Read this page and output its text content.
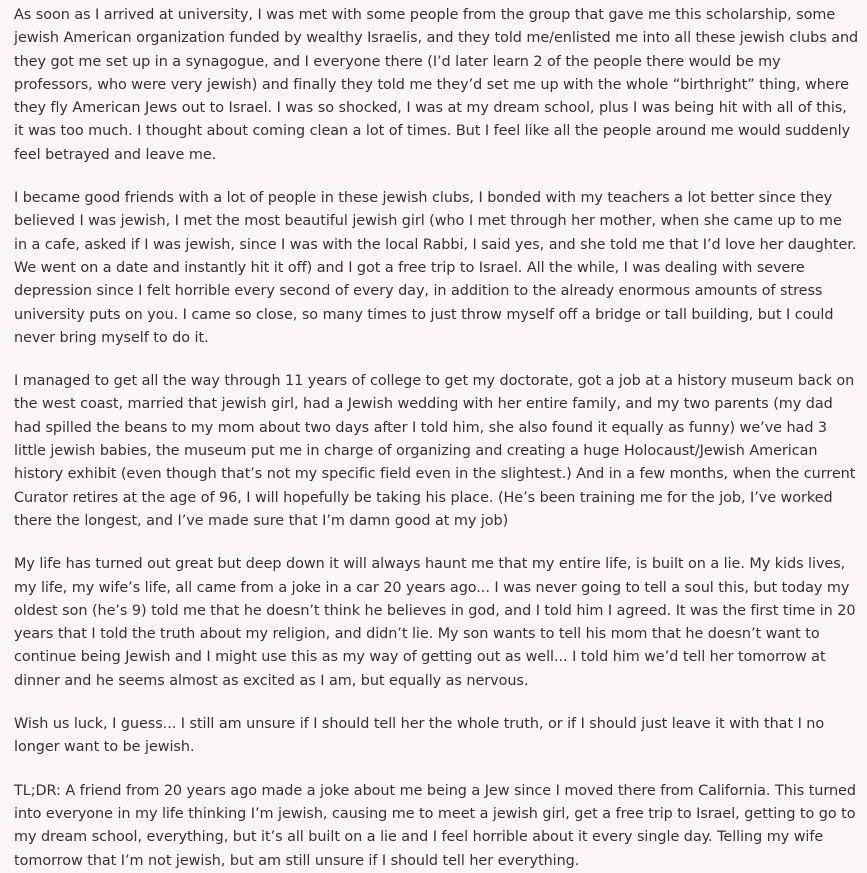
As soon as I arrived at university, I was met with some people from the group that gave me this scholarship, some jewish American organization funded by wealthy Israelis, and they told me/enlisted me into all these jewish clubs and they got me set up in a synagogue, and I everyone there (I’d later learn 2 of the people there would be my professors, who were very jewish) and finally they told me they’d set me up with the whole “birthright” thing, where they fly American Jews out to Israel. I was so shocked, I was at my dream school, plus I was being hit with all of this, it was too much. I thought about coming clean a lot of times. But I feel like all the people around me would suddenly feel betrayed and leave me.

I became good friends with a lot of people in these jewish clubs, I bonded with my teachers a lot better since they believed I was jewish, I met the most beautiful jewish girl (who I met through her mother, when she came up to me in a cafe, asked if I was jewish, since I was with the local Rabbi, I said yes, and she told me that I’d love her daughter. We went on a date and instantly hit it off) and I got a free trip to Israel. All the while, I was dealing with severe depression since I felt horrible every second of every day, in addition to the already enormous amounts of stress university puts on you. I came so close, so many times to just throw myself off a bridge or tall building, but I could never bring myself to do it.

I managed to get all the way through 11 years of college to get my doctorate, got a job at a history museum back on the west coast, married that jewish girl, had a Jewish wedding with her entire family, and my two parents (my dad had spilled the beans to my mom about two days after I told him, she also found it equally as funny) we’ve had 3 little jewish babies, the museum put me in charge of organizing and creating a huge Holocaust/Jewish American history exhibit (even though that’s not my specific field even in the slightest.) And in a few months, when the current Curator retires at the age of 96, I will hopefully be taking his place. (He’s been training me for the job, I’ve worked there the longest, and I’ve made sure that I’m damn good at my job)

My life has turned out great but deep down it will always haunt me that my entire life, is built on a lie. My kids lives, my life, my wife’s life, all came from a joke in a car 20 years ago... I was never going to tell a soul this, but today my oldest son (he’s 9) told me that he doesn’t think he believes in god, and I told him I agreed. It was the first time in 20 years that I told the truth about my religion, and didn’t lie. My son wants to tell his mom that he doesn’t want to continue being Jewish and I might use this as my way of getting out as well... I told him we’d tell her tomorrow at dinner and he seems almost as excited as I am, but equally as nervous.

Wish us luck, I guess... I still am unsure if I should tell her the whole truth, or if I should just leave it with that I no longer want to be jewish.

TL;DR: A friend from 20 years ago made a joke about me being a Jew since I moved there from California. This turned into everyone in my life thinking I’m jewish, causing me to meet a jewish girl, get a free trip to Israel, getting to go to my dream school, everything, but it’s all built on a lie and I feel horrible about it every single day. Telling my wife tomorrow that I’m not jewish, but am still unsure if I should tell her everything.
